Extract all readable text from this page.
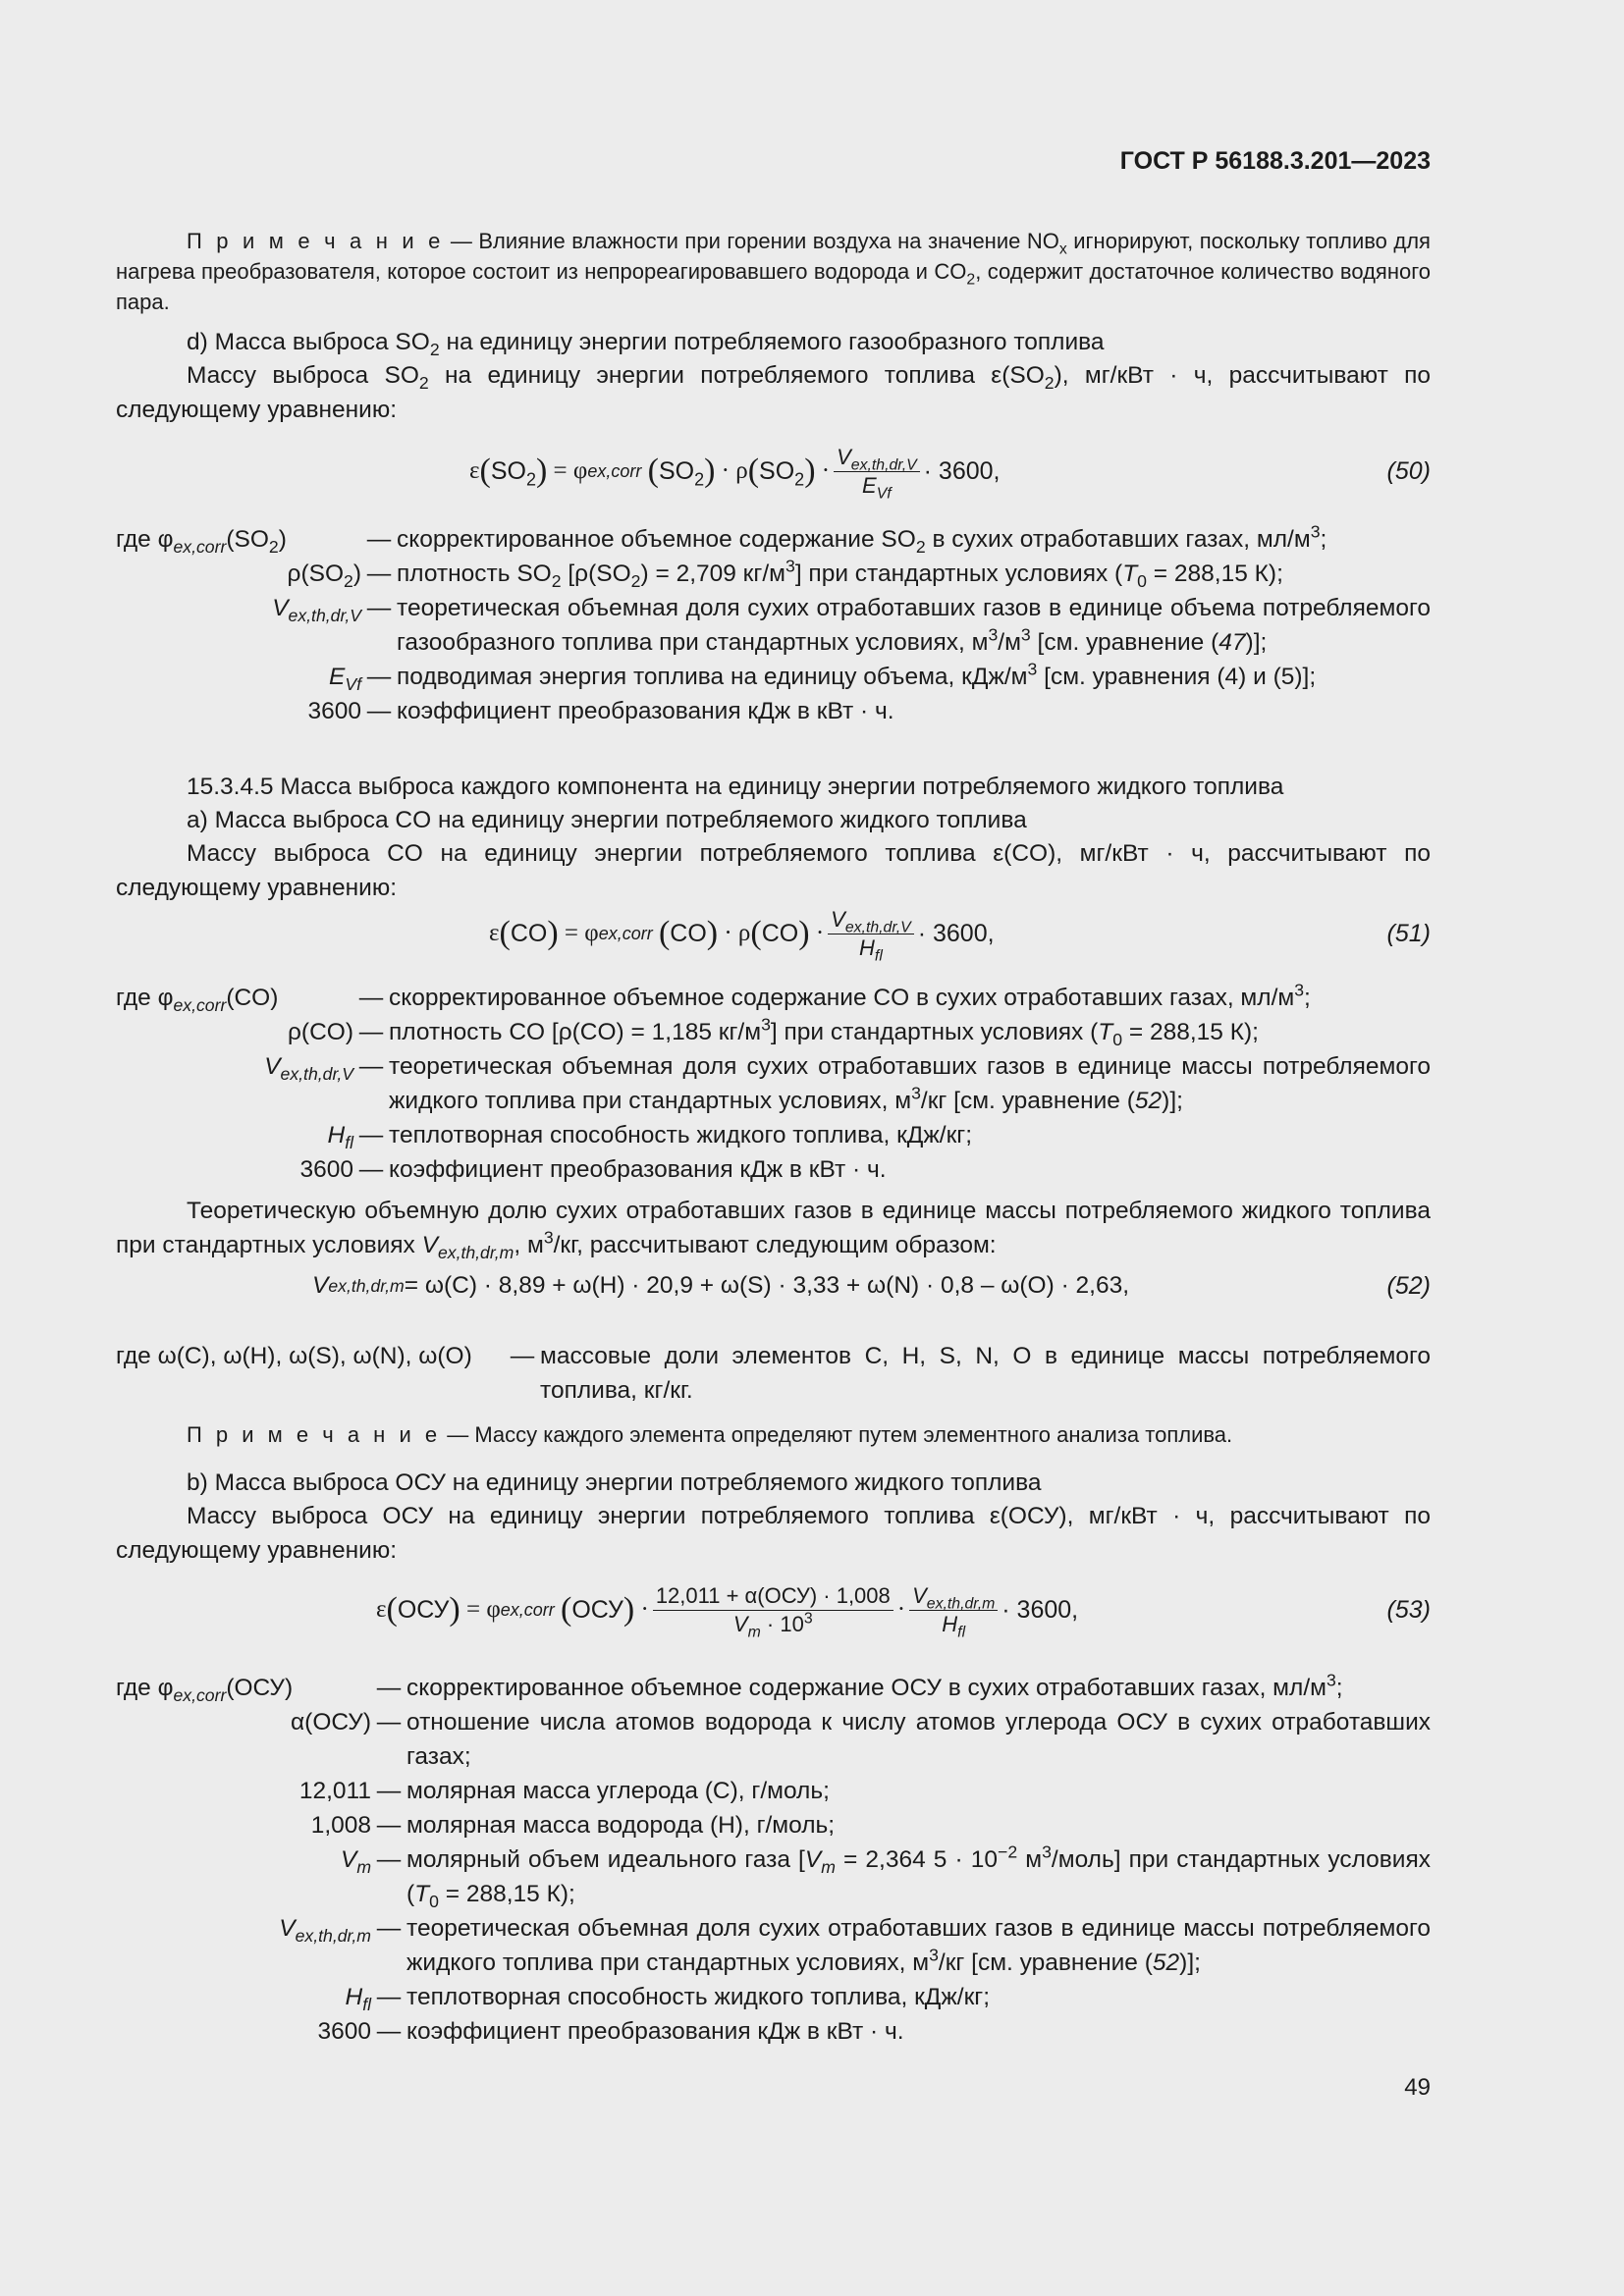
ГОСТ Р 56188.3.201—2023
П р и м е ч а н и е — Влияние влажности при горении воздуха на значение $NO_x$ игнорируют, поскольку топливо для нагрева преобразователя, которое состоит из непрореагировавшего водорода и $CO_2$, содержит достаточное количество водяного пара.
d) Масса выброса $SO_2$ на единицу энергии потребляемого газообразного топлива
Массу выброса $SO_2$ на единицу энергии потребляемого топлива $\varepsilon(SO_2)$, мг/кВт · ч, рассчитывают по следующему уравнению:
ε ( $SO_2$ ) = φ ex,corr
( $SO_2$ ) · ρ ( $SO_2$ ) · $\frac{V_{ex,th,dr,V}}{E_{Vf}} \cdot 3600$,	(50)
где $\varphi_{ex,corr}(SO_2)$	— скорректированное объемное содержание $SO_2$ в сухих отработавших газах, $мл/м^3$;
$\rho(SO_2)$ — плотность $SO_2$ [$\rho(SO_2) = 2,709$ $кг/м^3$] при стандартных условиях ($T_0 = 288,15$ К);
$V_{ex,th,dr,V}$ — теоретическая объемная доля сухих отработавших газов в единице объема потребляемого газообразного топлива при стандартных условиях, $м^3/м^3$ [см. уравнение (47)];
$E_{Vf}$ — подводимая энергия топлива на единицу объема, кДж/$м^3$ [см. уравнения (4) и (5)];
3600 — коэффициент преобразования кДж в кВт · ч.
15.3.4.5 Масса выброса каждого компонента на единицу энергии потребляемого жидкого топлива
a) Масса выброса CO на единицу энергии потребляемого жидкого топлива
Массу выброса CO на единицу энергии потребляемого топлива ε(CO), мг/кВт · ч, рассчитывают по следующему уравнению:
ε ( CO ) = φ ex,corr
( CO ) · ρ ( CO ) · $\frac{V_{ex,th,dr,V}}{H_{fl}} \cdot 3600$,	(51)
где $\varphi_{ex,corr}(CO)$	— скорректированное объемное содержание CO в сухих отработавших газах, $мл/м^3$;
ρ(CO) — плотность CO [ρ(CO) = 1,185 $кг/м^3$] при стандартных условиях ($T_0 = 288,15$ К);
$V_{ex,th,dr,V}$ — теоретическая объемная доля сухих отработавших газов в единице массы потребляемого жидкого топлива при стандартных условиях, $м^3/кг$ [см. уравнение (52)];
$H_{fl}$ — теплотворная способность жидкого топлива, кДж/кг;
3600 — коэффициент преобразования кДж в кВт · ч.
Теоретическую объемную долю сухих отработавших газов в единице массы потребляемого жидкого топлива при стандартных условиях $V_{ex,th,dr,m}$, $м^3/кг$, рассчитывают следующим образом:
V ex,th,dr,m = ω(C) · 8,89 + ω(H) · 20,9 + ω(S) · 3,33 + ω(N) · 0,8 – ω(O) · 2,63,	(52)
где ω(C), ω(H), ω(S), ω(N), ω(O)	— массовые доли элементов C, H, S, N, O в единице массы потребляемого топлива, кг/кг.
П р и м е ч а н и е — Массу каждого элемента определяют путем элементного анализа топлива.
b) Масса выброса ОСУ на единицу энергии потребляемого жидкого топлива
Массу выброса ОСУ на единицу энергии потребляемого топлива ε(ОСУ), мг/кВт · ч, рассчитывают по следующему уравнению:
ε ( ОСУ ) = φ ex,corr
( ОСУ ) · $\frac{\text{12,011 + α(ОСУ) · 1,008}}{V_m \cdot 10^3} \cdot \frac{V_{ex,th,dr,m}}{H_{fl}} \cdot 3600$,	(53)
где $\varphi_{ex,corr}(ОСУ)$	— скорректированное объемное содержание ОСУ в сухих отработавших газах, $мл/м^3$;
α(ОСУ) — отношение числа атомов водорода к числу атомов углерода ОСУ в сухих отработавших газах;
12,011 — молярная масса углерода (C), г/моль;
1,008 — молярная масса водорода (H), г/моль;
$V_m$ — молярный объем идеального газа [$V_m = 2,364$ $5 \cdot 10^{-2}$ $м^3/моль$] при стандартных условиях ($T_0 = 288,15$ К);
$V_{ex,th,dr,m}$ — теоретическая объемная доля сухих отработавших газов в единице массы потребляемого жидкого топлива при стандартных условиях, $м^3/кг$ [см. уравнение (52)];
$H_{fl}$ — теплотворная способность жидкого топлива, кДж/кг;
3600 — коэффициент преобразования кДж в кВт · ч.
49
